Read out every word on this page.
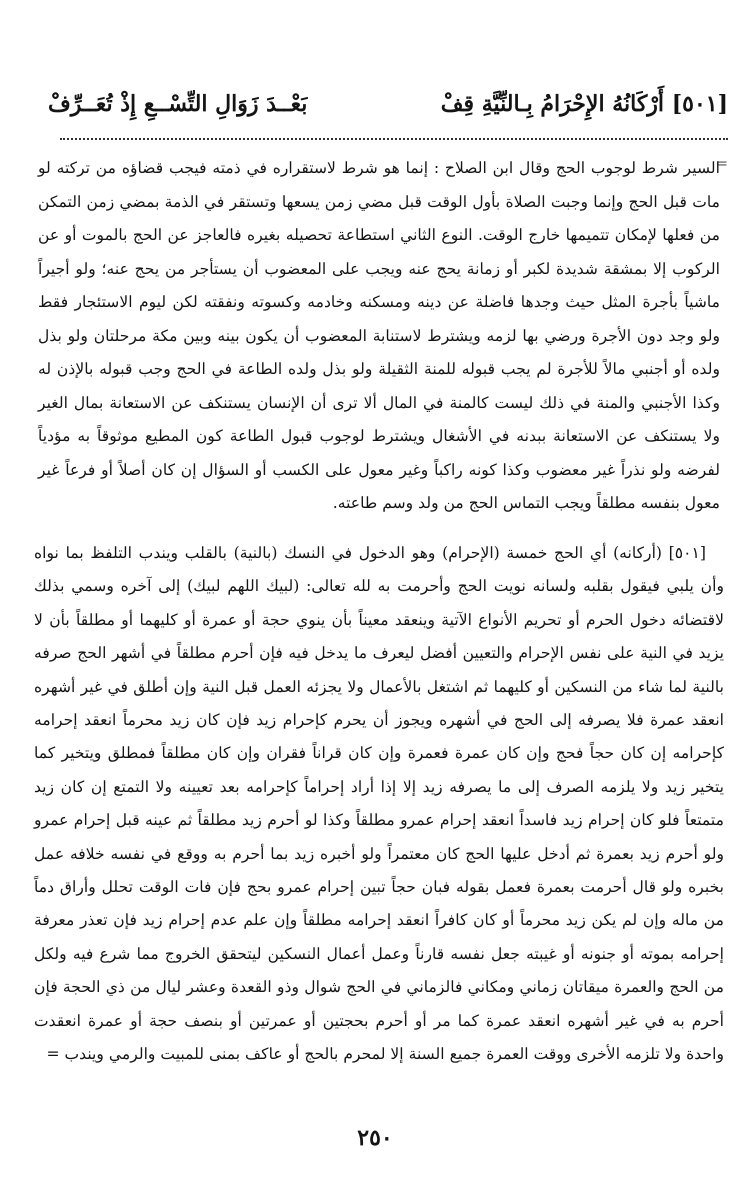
[٥٠١] أَرْكَانُهُ الإِحْرَامُ بِـالنِّيَّةِ قِفْ
بَعْــدَ زَوَالِ التِّسْــعِ إِذْ تُعَــرِّفْ
=
السير شرط لوجوب الحج وقال ابن الصلاح : إنما هو شرط لاستقراره في ذمته فيجب قضاؤه من تركته لو مات قبل الحج وإنما وجبت الصلاة بأول الوقت قبل مضي زمن يسعها وتستقر في الذمة بمضي زمن التمكن من فعلها لإمكان تتميمها خارج الوقت. النوع الثاني استطاعة تحصيله بغيره فالعاجز عن الحج بالموت أو عن الركوب إلا بمشقة شديدة لكبر أو زمانة يحج عنه ويجب على المعضوب أن يستأجر من يحج عنه؛ ولو أجيراً ماشياً بأجرة المثل حيث وجدها فاضلة عن دينه ومسكنه وخادمه وكسوته ونفقته لكن ليوم الاستئجار فقط ولو وجد دون الأجرة ورضي بها لزمه ويشترط لاستنابة المعضوب أن يكون بينه وبين مكة مرحلتان ولو بذل ولده أو أجنبي مالاً للأجرة لم يجب قبوله للمنة الثقيلة ولو بذل ولده الطاعة في الحج وجب قبوله بالإذن له وكذا الأجنبي والمنة في ذلك ليست كالمنة في المال ألا ترى أن الإنسان يستنكف عن الاستعانة بمال الغير ولا يستنكف عن الاستعانة ببدنه في الأشغال ويشترط لوجوب قبول الطاعة كون المطيع موثوقاً به مؤدياً لفرضه ولو نذراً غير معضوب وكذا كونه راكباً وغير معول على الكسب أو السؤال إن كان أصلاً أو فرعاً غير معول بنفسه مطلقاً ويجب التماس الحج من ولد وسم طاعته.
[٥٠١] (أركانه) أي الحج خمسة (الإحرام) وهو الدخول في النسك (بالنية) بالقلب ويندب التلفظ بما نواه وأن يلبي فيقول بقلبه ولسانه نويت الحج وأحرمت به لله تعالى: (لبيك اللهم لبيك) إلى آخره وسمي بذلك لاقتضائه دخول الحرم أو تحريم الأنواع الآتية وينعقد معيناً بأن ينوي حجة أو عمرة أو كليهما أو مطلقاً بأن لا يزيد في النية على نفس الإحرام والتعيين أفضل ليعرف ما يدخل فيه فإن أحرم مطلقاً في أشهر الحج صرفه بالنية لما شاء من النسكين أو كليهما ثم اشتغل بالأعمال ولا يجزئه العمل قبل النية وإن أطلق في غير أشهره انعقد عمرة فلا يصرفه إلى الحج في أشهره ويجوز أن يحرم كإحرام زيد فإن كان زيد محرماً انعقد إحرامه كإحرامه إن كان حجاً فحج وإن كان عمرة فعمرة وإن كان قراناً فقران وإن كان مطلقاً فمطلق ويتخير كما يتخير زيد ولا يلزمه الصرف إلى ما يصرفه زيد إلا إذا أراد إحراماً كإحرامه بعد تعيينه ولا التمتع إن كان زيد متمتعاً فلو كان إحرام زيد فاسداً انعقد إحرام عمرو مطلقاً وكذا لو أحرم زيد مطلقاً ثم عينه قبل إحرام عمرو ولو أحرم زيد بعمرة ثم أدخل عليها الحج كان معتمراً ولو أخبره زيد بما أحرم به ووقع في نفسه خلافه عمل بخبره ولو قال أحرمت بعمرة فعمل بقوله فبان حجاً تبين إحرام عمرو بحج فإن فات الوقت تحلل وأراق دماً من ماله وإن لم يكن زيد محرماً أو كان كافراً انعقد إحرامه مطلقاً وإن علم عدم إحرام زيد فإن تعذر معرفة إحرامه بموته أو جنونه أو غيبته جعل نفسه قارناً وعمل أعمال النسكين ليتحقق الخروج مما شرع فيه ولكل من الحج والعمرة ميقاتان زماني ومكاني فالزماني في الحج شوال وذو القعدة وعشر ليال من ذي الحجة فإن أحرم به في غير أشهره انعقد عمرة كما مر أو أحرم بحجتين أو عمرتين أو بنصف حجة أو عمرة انعقدت واحدة ولا تلزمه الأخرى ووقت العمرة جميع السنة إلا لمحرم بالحج أو عاكف بمنى للمبيت والرمي ويندب =
٢٥٠
